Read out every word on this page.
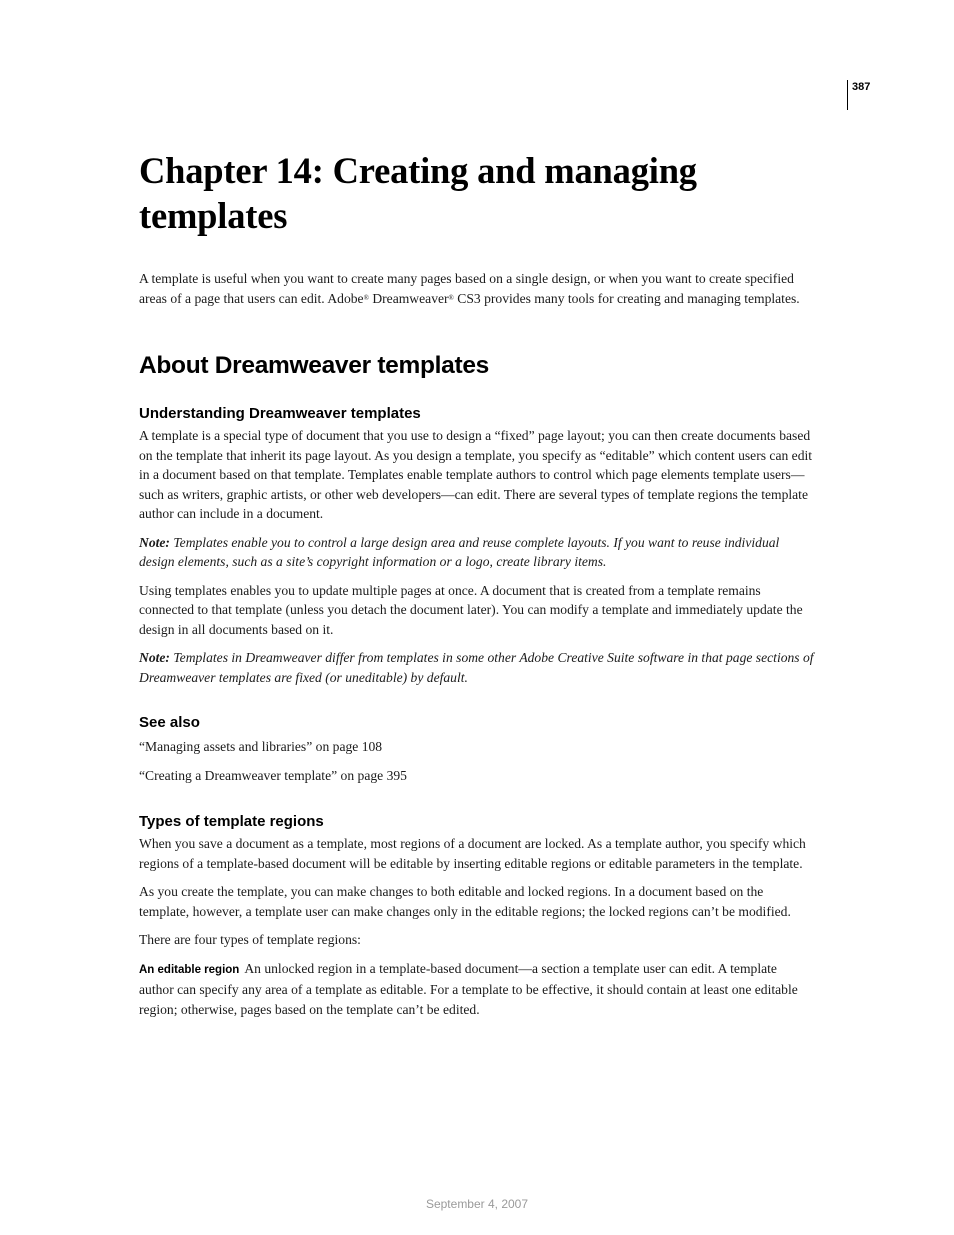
387
Chapter 14: Creating and managing templates

A template is useful when you want to create many pages based on a single design, or when you want to create specified areas of a page that users can edit. Adobe® Dreamweaver® CS3 provides many tools for creating and managing templates.

About Dreamweaver templates
Understanding Dreamweaver templates

A template is a special type of document that you use to design a “fixed” page layout; you can then create documents based on the template that inherit its page layout. As you design a template, you specify as “editable” which content users can edit in a document based on that template. Templates enable template authors to control which page elements template users—such as writers, graphic artists, or other web developers—can edit. There are several types of template regions the template author can include in a document.

Note: Templates enable you to control a large design area and reuse complete layouts. If you want to reuse individual design elements, such as a site’s copyright information or a logo, create library items.

Using templates enables you to update multiple pages at once. A document that is created from a template remains connected to that template (unless you detach the document later). You can modify a template and immediately update the design in all documents based on it.

Note: Templates in Dreamweaver differ from templates in some other Adobe Creative Suite software in that page sections of Dreamweaver templates are fixed (or uneditable) by default.

See also

“Managing assets and libraries” on page 108

“Creating a Dreamweaver template” on page 395

Types of template regions

When you save a document as a template, most regions of a document are locked. As a template author, you specify which regions of a template-based document will be editable by inserting editable regions or editable parameters in the template.

As you create the template, you can make changes to both editable and locked regions. In a document based on the template, however, a template user can make changes only in the editable regions; the locked regions can’t be modified.

There are four types of template regions:

An editable region An unlocked region in a template-based document—a section a template user can edit. A template author can specify any area of a template as editable. For a template to be effective, it should contain at least one editable region; otherwise, pages based on the template can’t be edited.

September 4, 2007
